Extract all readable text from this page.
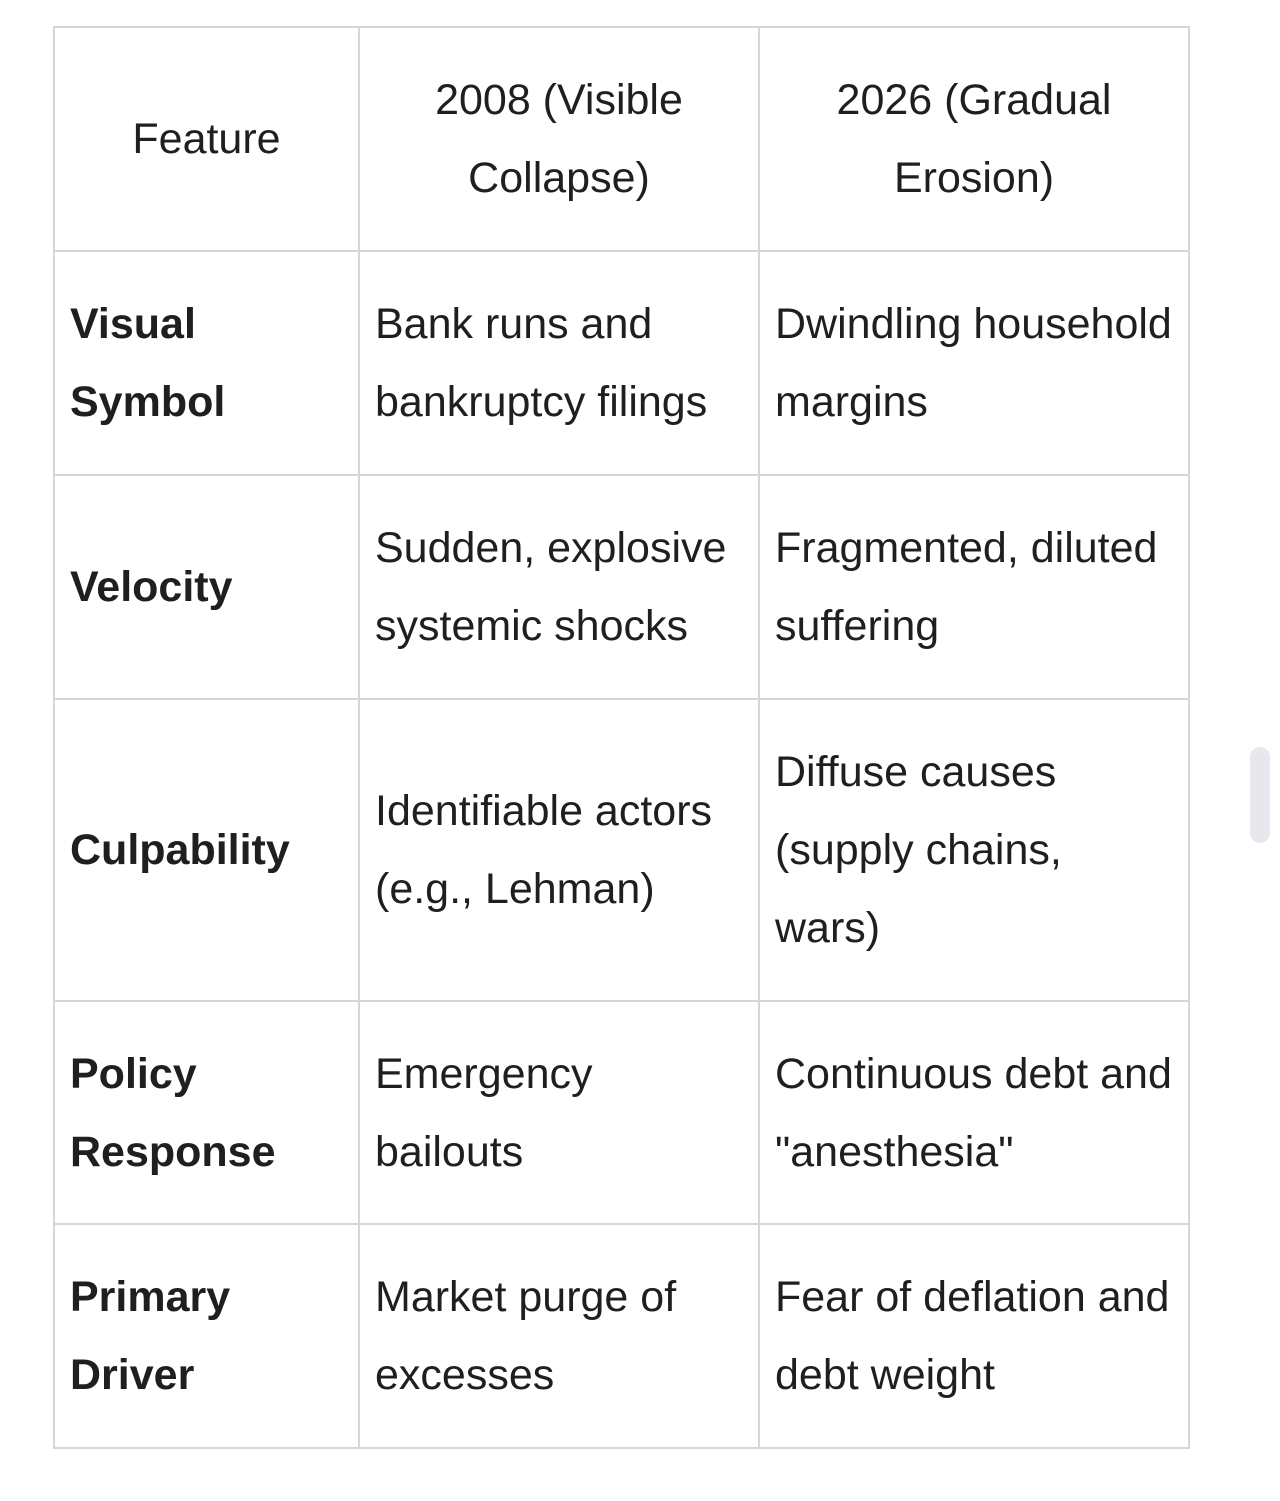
Feature	2008 (Visible Collapse)	2026 (Gradual Erosion)
Visual Symbol	Bank runs and bankruptcy filings	Dwindling household margins
Velocity	Sudden, explosive systemic shocks	Fragmented, diluted suffering
Culpability	Identifiable actors (e.g., Lehman)	Diffuse causes (supply chains, wars)
Policy Response	Emergency bailouts	Continuous debt and "anesthesia"
Primary Driver	Market purge of excesses	Fear of deflation and debt weight
